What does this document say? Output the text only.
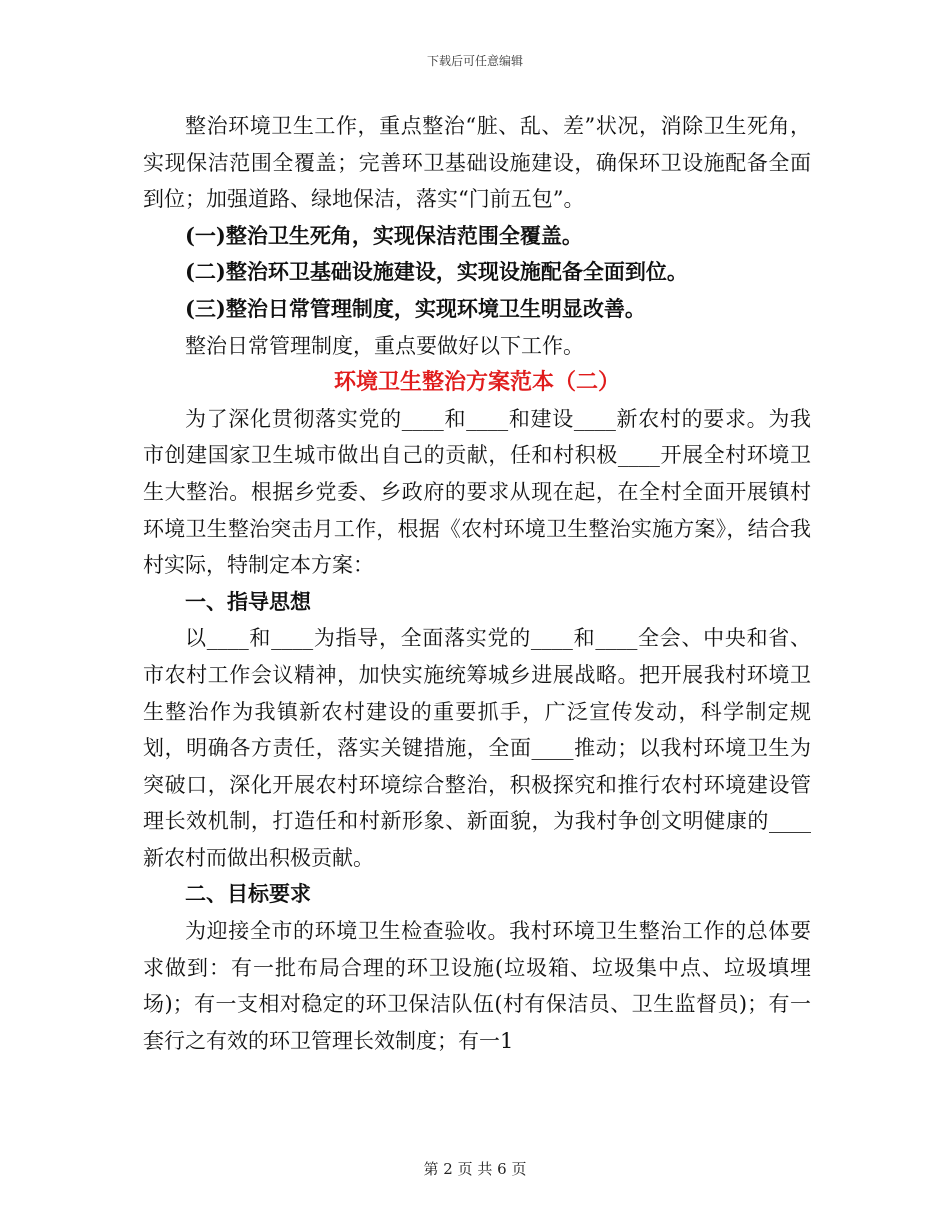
下载后可任意编辑

整治环境卫生工作，重点整治“脏、乱、差”状况，消除卫生死角，实现保洁范围全覆盖；完善环卫基础设施建设，确保环卫设施配备全面到位；加强道路、绿地保洁，落实“门前五包”。

(一)整治卫生死角，实现保洁范围全覆盖。

(二)整治环卫基础设施建设，实现设施配备全面到位。

(三)整治日常管理制度，实现环境卫生明显改善。

整治日常管理制度，重点要做好以下工作。

环境卫生整治方案范本（二）

为了深化贯彻落实党的____和____和建设____新农村的要求。为我市创建国家卫生城市做出自己的贡献，任和村积极____开展全村环境卫生大整治。根据乡党委、乡政府的要求从现在起，在全村全面开展镇村环境卫生整治突击月工作，根据《农村环境卫生整治实施方案》，结合我村实际，特制定本方案：

一、指导思想

以____和____为指导，全面落实党的____和____全会、中央和省、市农村工作会议精神，加快实施统筹城乡进展战略。把开展我村环境卫生整治作为我镇新农村建设的重要抓手，广泛宣传发动，科学制定规划，明确各方责任，落实关键措施，全面____推动；以我村环境卫生为突破口，深化开展农村环境综合整治，积极探究和推行农村环境建设管理长效机制，打造任和村新形象、新面貌，为我村争创文明健康的____新农村而做出积极贡献。

二、目标要求

为迎接全市的环境卫生检查验收。我村环境卫生整治工作的总体要求做到：有一批布局合理的环卫设施(垃圾箱、垃圾集中点、垃圾填埋场)；有一支相对稳定的环卫保洁队伍(村有保洁员、卫生监督员)；有一套行之有效的环卫管理长效制度；有一1

第 2 页 共 6 页
